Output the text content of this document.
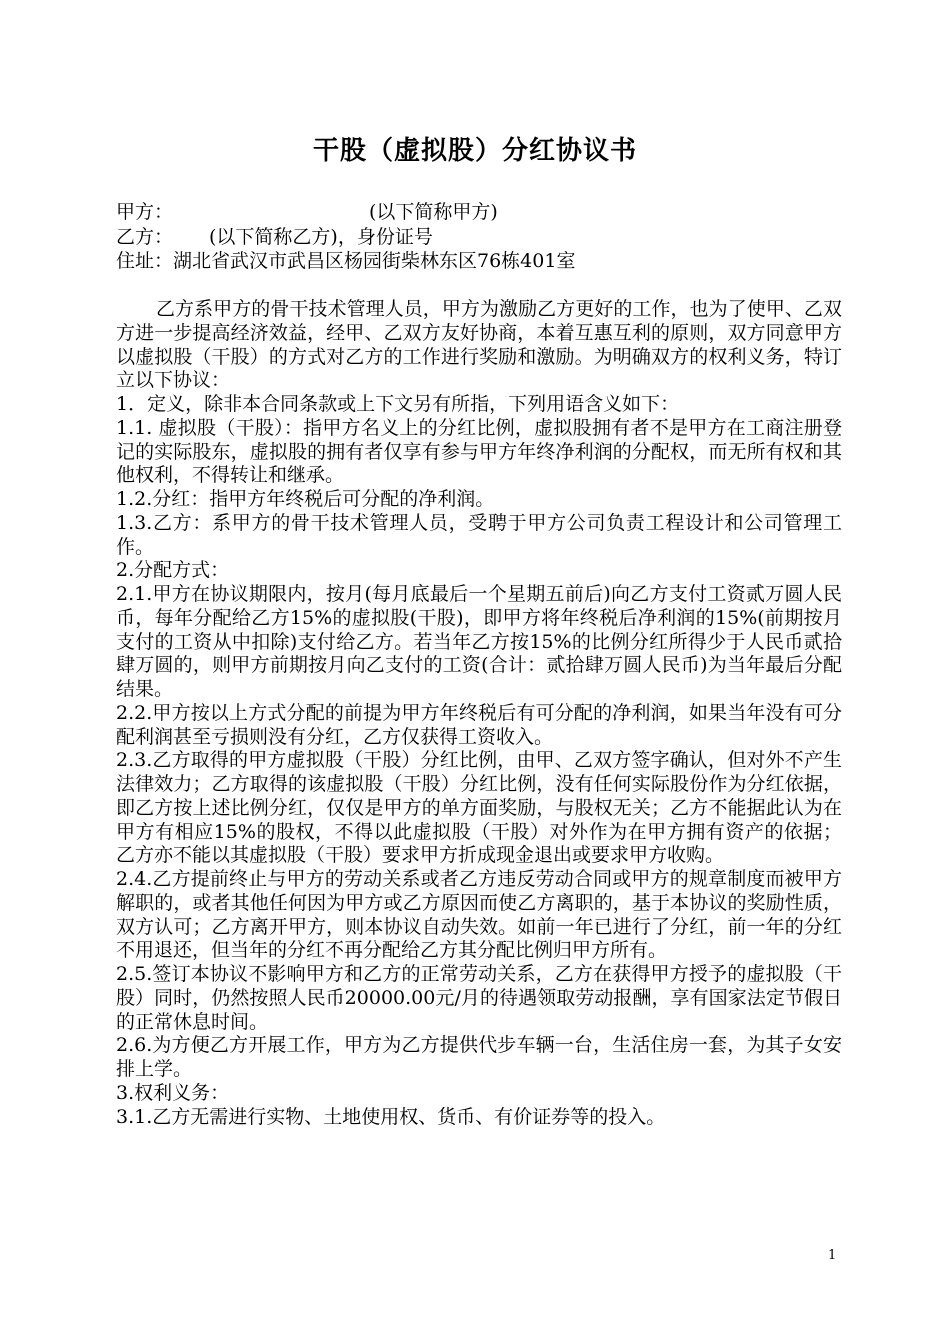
干股（虚拟股）分红协议书
甲方：	(以下简称甲方)
乙方： (以下简称乙方)，身份证号
住址：湖北省武汉市武昌区杨园街柴林东区76栋401室

乙方系甲方的骨干技术管理人员，甲方为激励乙方更好的工作，也为了使甲、乙双方进一步提高经济效益，经甲、乙双方友好协商，本着互惠互利的原则，双方同意甲方以虚拟股（干股）的方式对乙方的工作进行奖励和激励。为明确双方的权利义务，特订立以下协议：

1．定义，除非本合同条款或上下文另有所指，下列用语含义如下：

1.1. 虚拟股（干股）：指甲方名义上的分红比例，虚拟股拥有者不是甲方在工商注册登记的实际股东，虚拟股的拥有者仅享有参与甲方年终净利润的分配权，而无所有权和其他权利，不得转让和继承。

1.2.分红：指甲方年终税后可分配的净利润。

1.3.乙方：系甲方的骨干技术管理人员，受聘于甲方公司负责工程设计和公司管理工作。

2.分配方式：

2.1.甲方在协议期限内，按月(每月底最后一个星期五前后)向乙方支付工资贰万圆人民币，每年分配给乙方15%的虚拟股(干股)，即甲方将年终税后净利润的15%(前期按月支付的工资从中扣除)支付给乙方。若当年乙方按15%的比例分红所得少于人民币贰拾肆万圆的，则甲方前期按月向乙支付的工资(合计：贰拾肆万圆人民币)为当年最后分配结果。

2.2.甲方按以上方式分配的前提为甲方年终税后有可分配的净利润，如果当年没有可分配利润甚至亏损则没有分红，乙方仅获得工资收入。

2.3.乙方取得的甲方虚拟股（干股）分红比例，由甲、乙双方签字确认，但对外不产生法律效力；乙方取得的该虚拟股（干股）分红比例，没有任何实际股份作为分红依据，即乙方按上述比例分红，仅仅是甲方的单方面奖励，与股权无关；乙方不能据此认为在甲方有相应15%的股权，不得以此虚拟股（干股）对外作为在甲方拥有资产的依据；乙方亦不能以其虚拟股（干股）要求甲方折成现金退出或要求甲方收购。

2.4.乙方提前终止与甲方的劳动关系或者乙方违反劳动合同或甲方的规章制度而被甲方解职的，或者其他任何因为甲方或乙方原因而使乙方离职的，基于本协议的奖励性质，双方认可；乙方离开甲方，则本协议自动失效。如前一年已进行了分红，前一年的分红不用退还，但当年的分红不再分配给乙方其分配比例归甲方所有。

2.5.签订本协议不影响甲方和乙方的正常劳动关系，乙方在获得甲方授予的虚拟股（干股）同时，仍然按照人民币20000.00元/月的待遇领取劳动报酬，享有国家法定节假日的正常休息时间。

2.6.为方便乙方开展工作，甲方为乙方提供代步车辆一台，生活住房一套，为其子女安排上学。

3.权利义务：

3.1.乙方无需进行实物、土地使用权、货币、有价证券等的投入。

1
